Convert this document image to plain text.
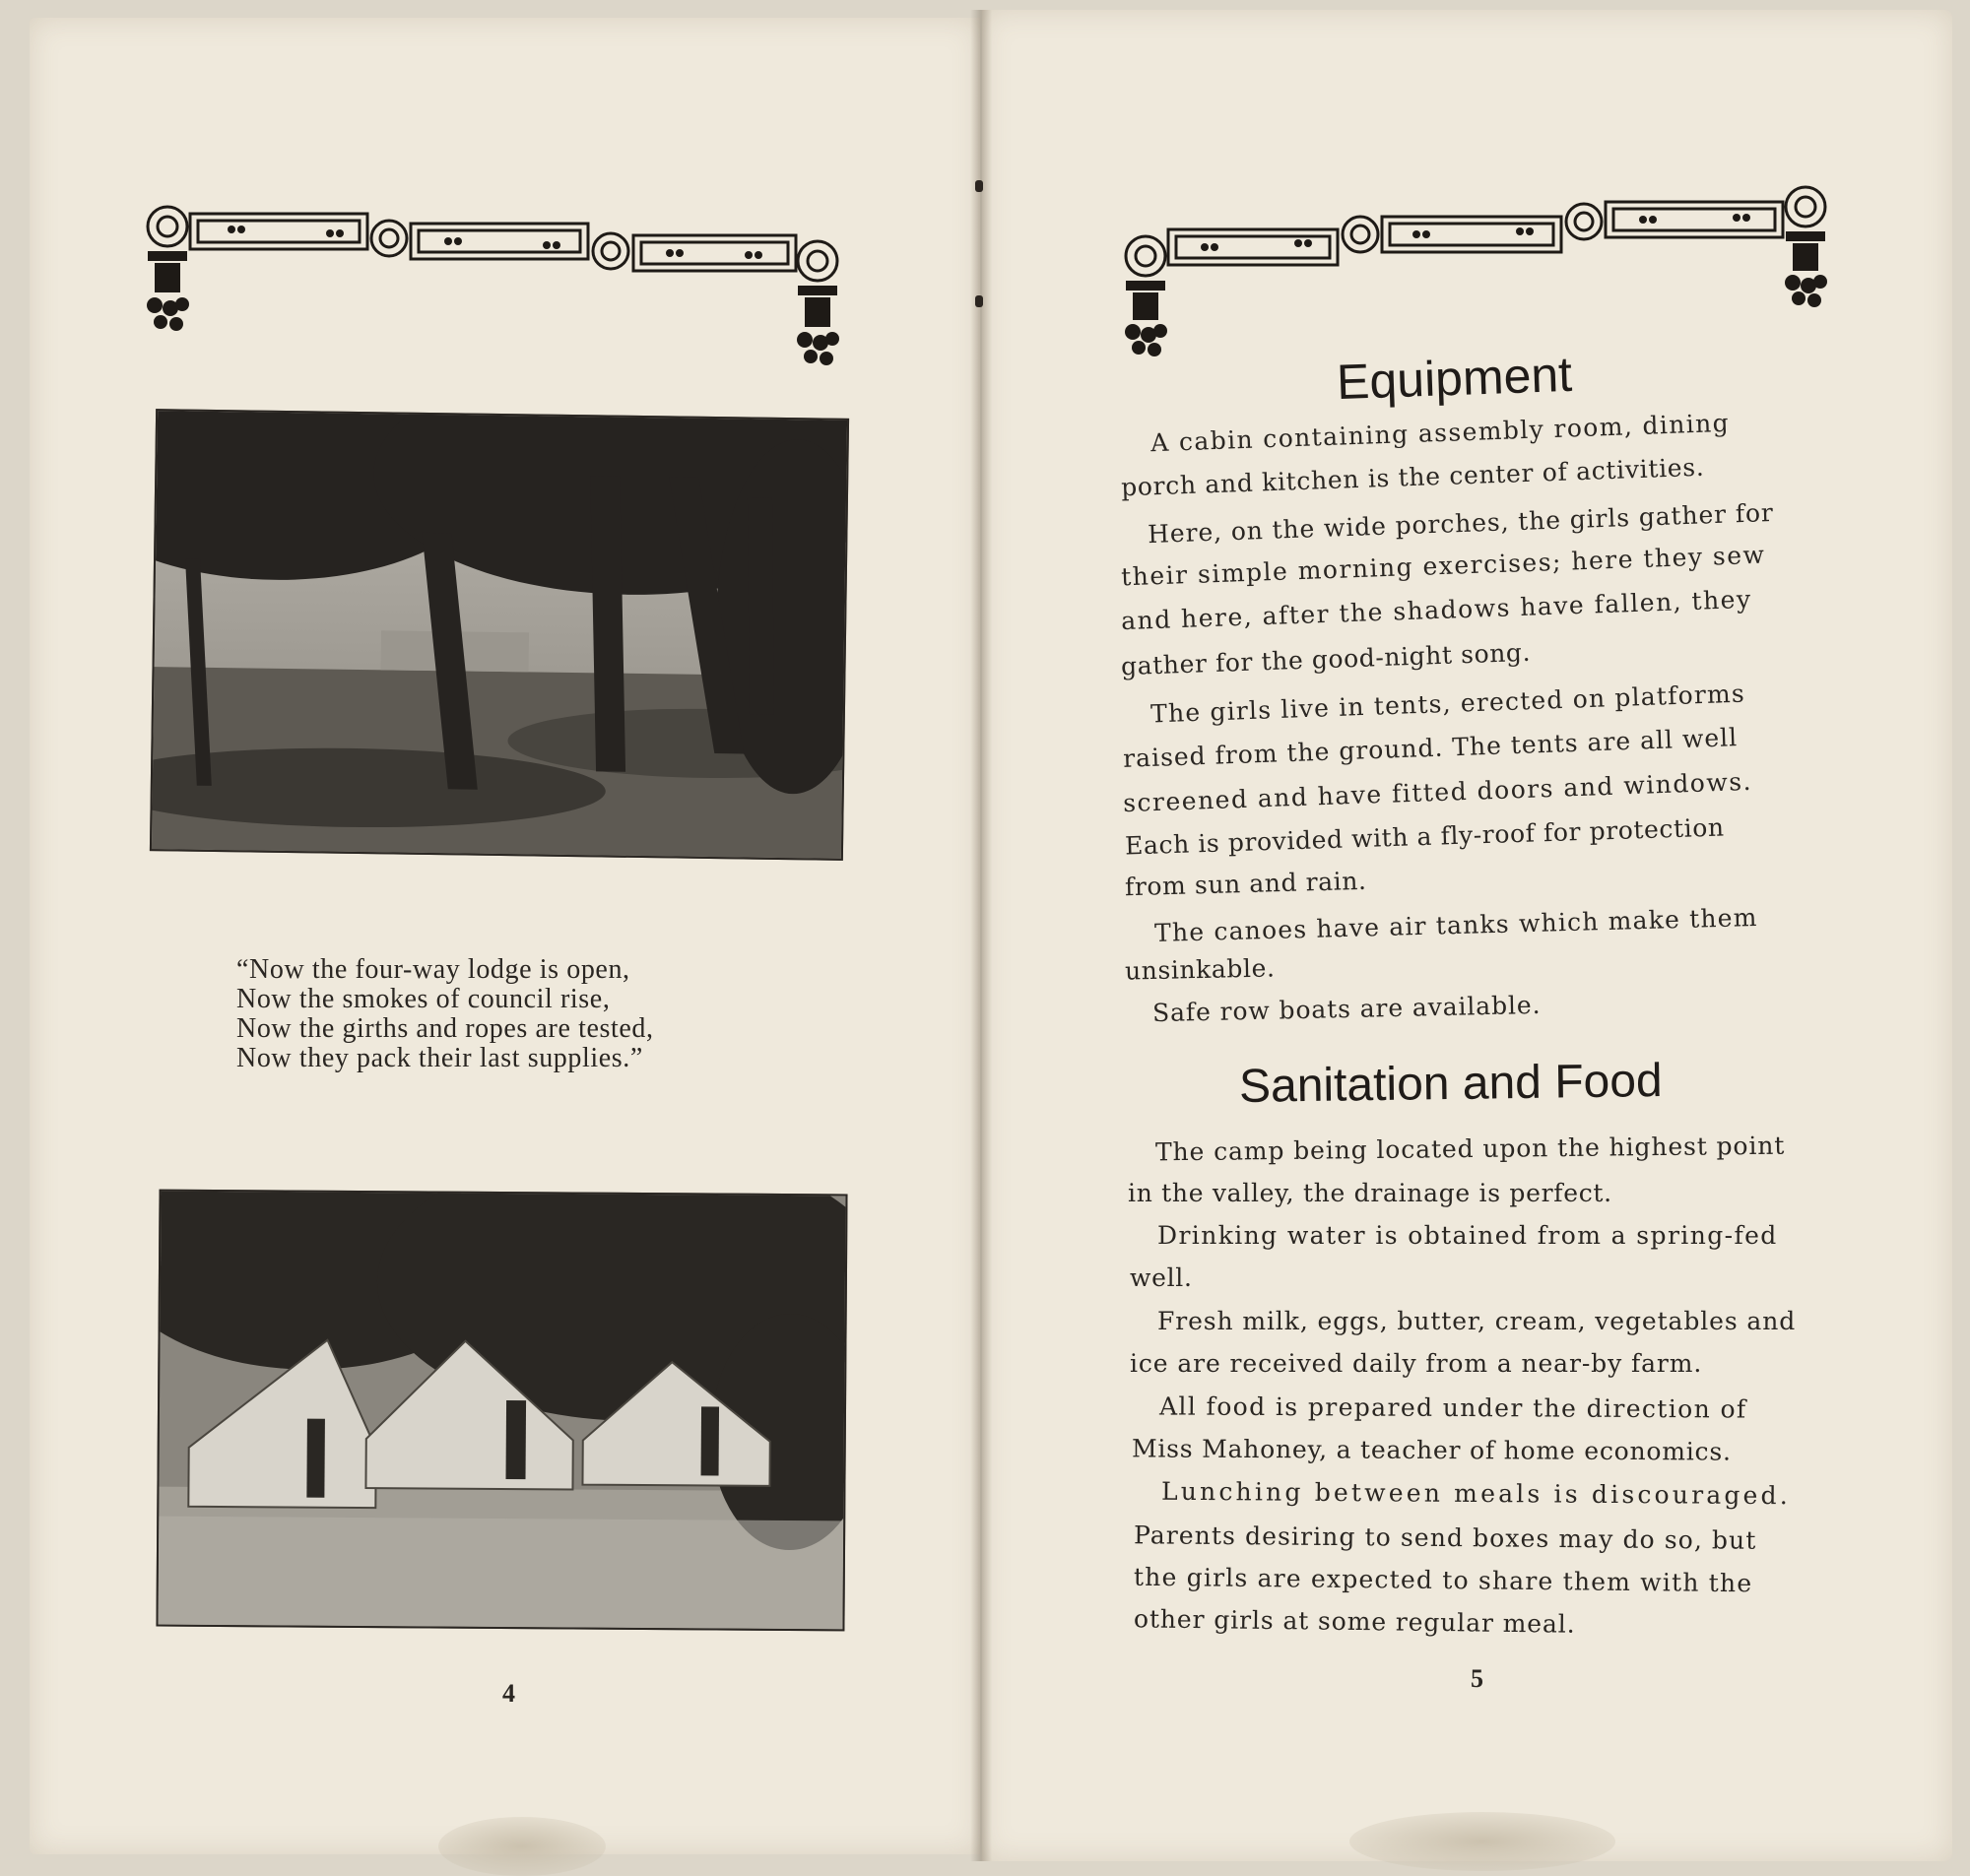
“Now the four-way lodge is open,
Now the smokes of council rise,
Now the girths and ropes are tested,
Now they pack their last supplies.”
4
Equipment
A cabin containing assembly room, dining
porch and kitchen is the center of activities.
Here, on the wide porches, the girls gather for
their simple morning exercises; here they sew
and here, after the shadows have fallen, they
gather for the good-night song.
The girls live in tents, erected on platforms
raised from the ground. The tents are all well
screened and have fitted doors and windows.
Each is provided with a fly-roof for protection
from sun and rain.
The canoes have air tanks which make them
unsinkable.
Safe row boats are available.
Sanitation and Food
The camp being located upon the highest point
in the valley, the drainage is perfect.
Drinking water is obtained from a spring-fed
well.
Fresh milk, eggs, butter, cream, vegetables and
ice are received daily from a near-by farm.
All food is prepared under the direction of
Miss Mahoney, a teacher of home economics.
Lunching between meals is discouraged.
Parents desiring to send boxes may do so, but
the girls are expected to share them with the
other girls at some regular meal.
5
